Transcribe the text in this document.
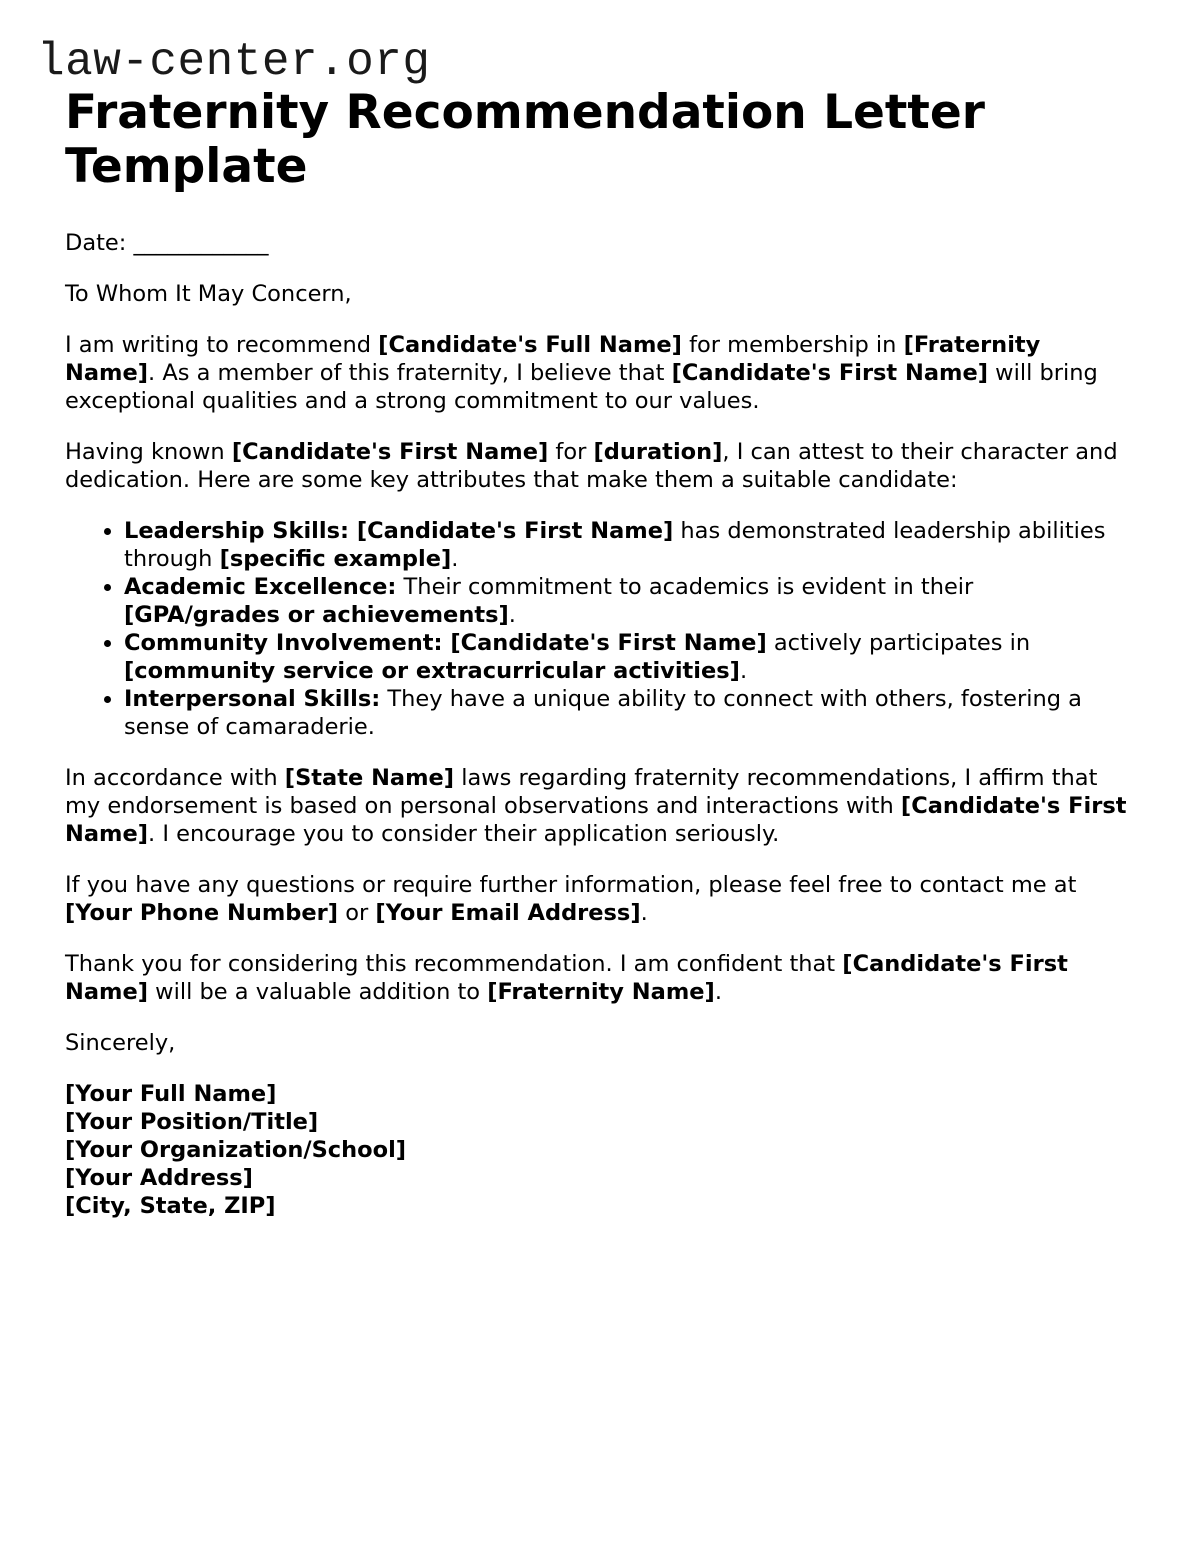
law-center.org
Fraternity Recommendation Letter Template

Date: ____________

To Whom It May Concern,

I am writing to recommend [Candidate's Full Name] for membership in [Fraternity Name]. As a member of this fraternity, I believe that [Candidate's First Name] will bring exceptional qualities and a strong commitment to our values.

Having known [Candidate's First Name] for [duration], I can attest to their character and dedication. Here are some key attributes that make them a suitable candidate:

• Leadership Skills: [Candidate's First Name] has demonstrated leadership abilities through [specific example].
• Academic Excellence: Their commitment to academics is evident in their [GPA/grades or achievements].
• Community Involvement: [Candidate's First Name] actively participates in [community service or extracurricular activities].
• Interpersonal Skills: They have a unique ability to connect with others, fostering a sense of camaraderie.

In accordance with [State Name] laws regarding fraternity recommendations, I affirm that my endorsement is based on personal observations and interactions with [Candidate's First Name]. I encourage you to consider their application seriously.

If you have any questions or require further information, please feel free to contact me at [Your Phone Number] or [Your Email Address].

Thank you for considering this recommendation. I am confident that [Candidate's First Name] will be a valuable addition to [Fraternity Name].

Sincerely,

[Your Full Name]
[Your Position/Title]
[Your Organization/School]
[Your Address]
[City, State, ZIP]
